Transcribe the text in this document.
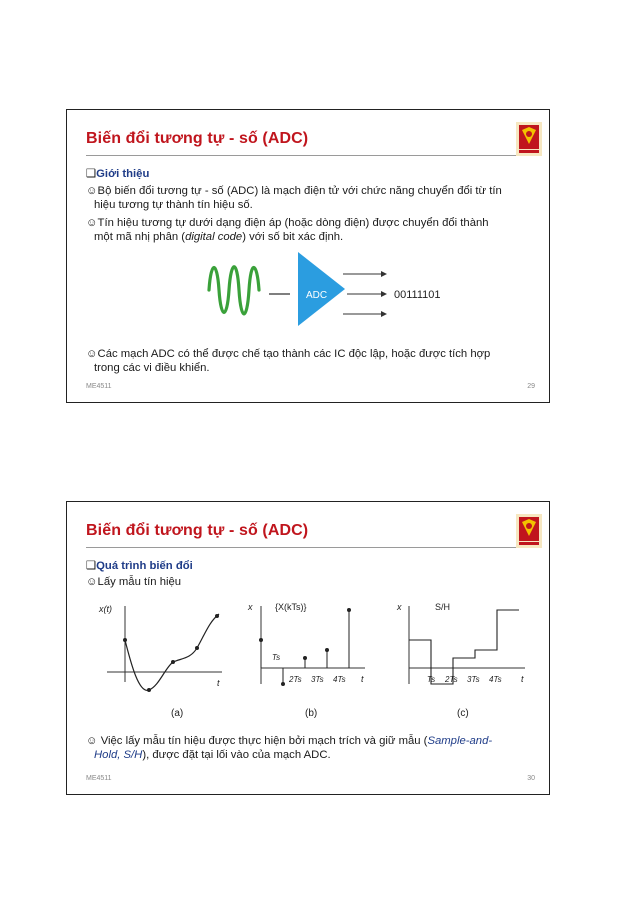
Biến đổi tương tự - số (ADC)
❑Giới thiệu
☺Bộ biến đổi tương tự - số (ADC) là mạch điện tử với chức năng chuyển đổi từ tín
hiệu tương tự thành tín hiệu số.
☺Tín hiệu tương tự dưới dạng điện áp (hoặc dòng điện) được chuyển đổi thành
một mã nhị phân (digital code) với số bit xác định.
ADC	00111101
☺Các mạch ADC có thể được chế tạo thành các IC độc lập, hoặc được tích hợp
trong các vi điều khiển.
ME4511	29
Biến đổi tương tự - số (ADC)
❑Quá trình biến đổi
☺Lấy mẫu tín hiệu
x(t)
t
x	{X(kTs)}
Ts
2Ts 3Ts 4Ts t
x	S/H
Ts 2Ts 3Ts 4Ts t
(a)	(b)	(c)
☺ Việc lấy mẫu tín hiệu được thực hiện bởi mạch trích và giữ mẫu (Sample-and-
Hold, S/H), được đặt tại lối vào của mạch ADC.
ME4511	30
